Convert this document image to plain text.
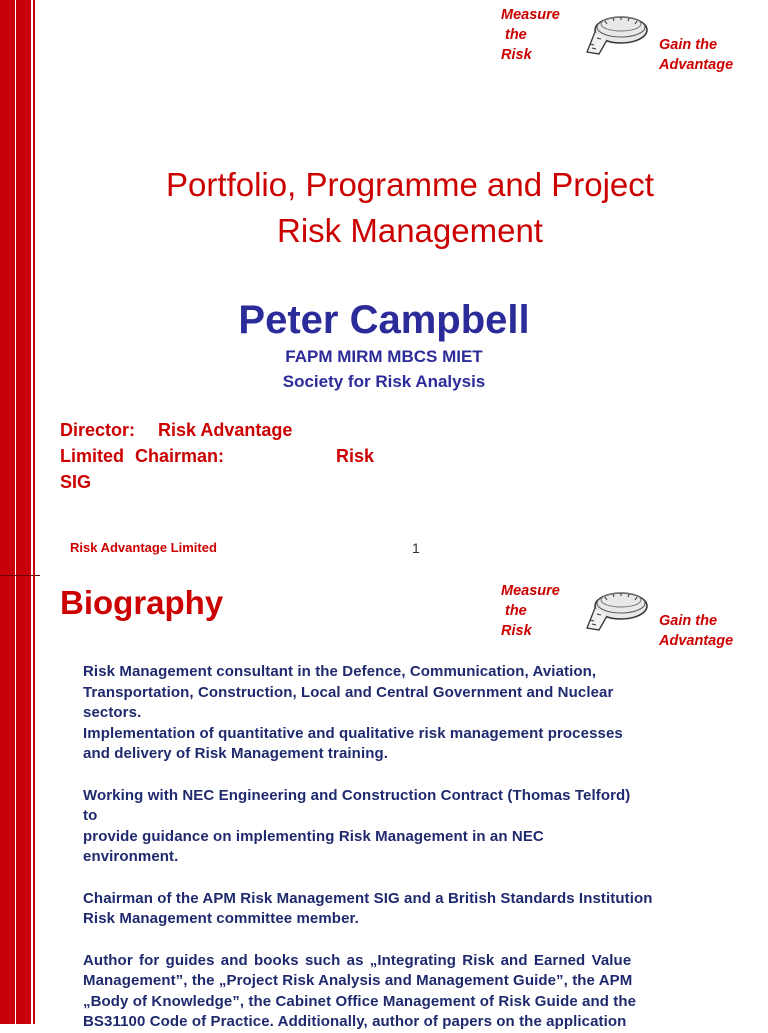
Measure
the
Risk
Gain the
Advantage
Portfolio, Programme and Project
Risk Management
Peter Campbell
FAPM MIRM MBCS MIET
Society for Risk Analysis
Director: Risk Advantage
Limited Chairman:	Risk
SIG
Risk Advantage Limited	1
Biography	Measure
the
Risk
Gain the
Advantage

Risk Management consultant in the Defence, Communication, Aviation,

Transportation, Construction, Local and Central Government and Nuclear

sectors.

Implementation of quantitative and qualitative risk management processes

and delivery of Risk Management training.

Working with NEC Engineering and Construction Contract (Thomas Telford)

to

provide guidance on implementing Risk Management in an NEC

environment.

Chairman of the APM Risk Management SIG and a British Standards Institution

Risk Management committee member.

Author for guides and books such as „Integrating Risk and Earned Value

Management”, the „Project Risk Analysis and Management Guide”, the APM

„Body of Knowledge”, the Cabinet Office Management of Risk Guide and the

BS31100 Code of Practice. Additionally, author of papers on the application
